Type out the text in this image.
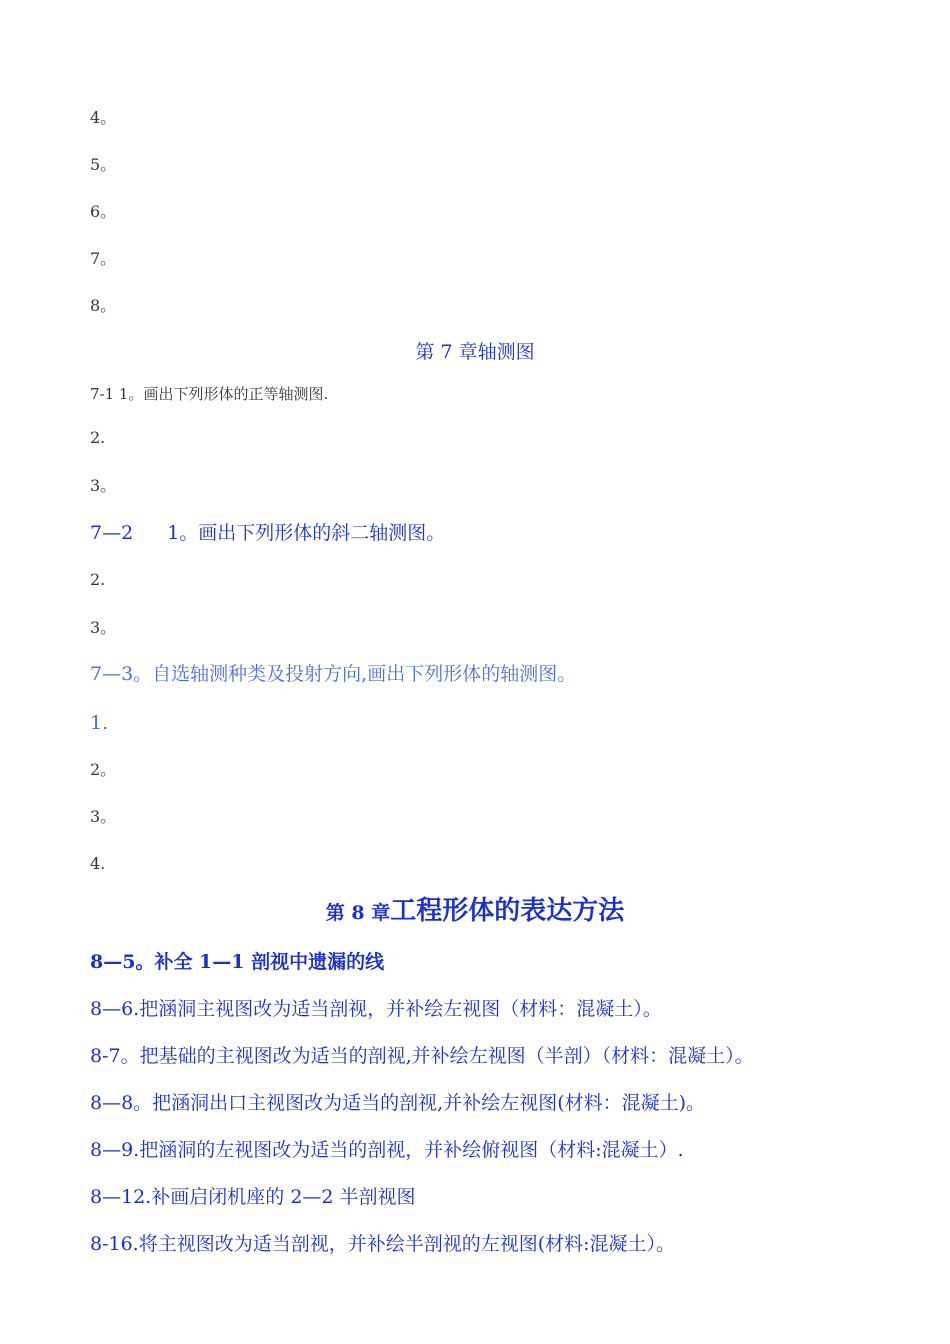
4。
5。
6。
7。
8。
第 7 章轴测图
7-1 1。画出下列形体的正等轴测图.
2.
3。
7—2 1。画出下列形体的斜二轴测图。
2.
3。
7—3。自选轴测种类及投射方向,画出下列形体的轴测图。
1.
2。
3。
4.
第 8 章工程形体的表达方法
8—5。补全 1—1 剖视中遗漏的线
8—6.把涵洞主视图改为适当剖视，并补绘左视图（材料：混凝土）。
8-7。把基础的主视图改为适当的剖视,并补绘左视图（半剖）（材料：混凝土）。
8—8。把涵洞出口主视图改为适当的剖视,并补绘左视图(材料：混凝土)。
8—9.把涵洞的左视图改为适当的剖视，并补绘俯视图（材料:混凝土）.
8—12.补画启闭机座的 2—2 半剖视图
8-16.将主视图改为适当剖视，并补绘半剖视的左视图(材料:混凝土）。
